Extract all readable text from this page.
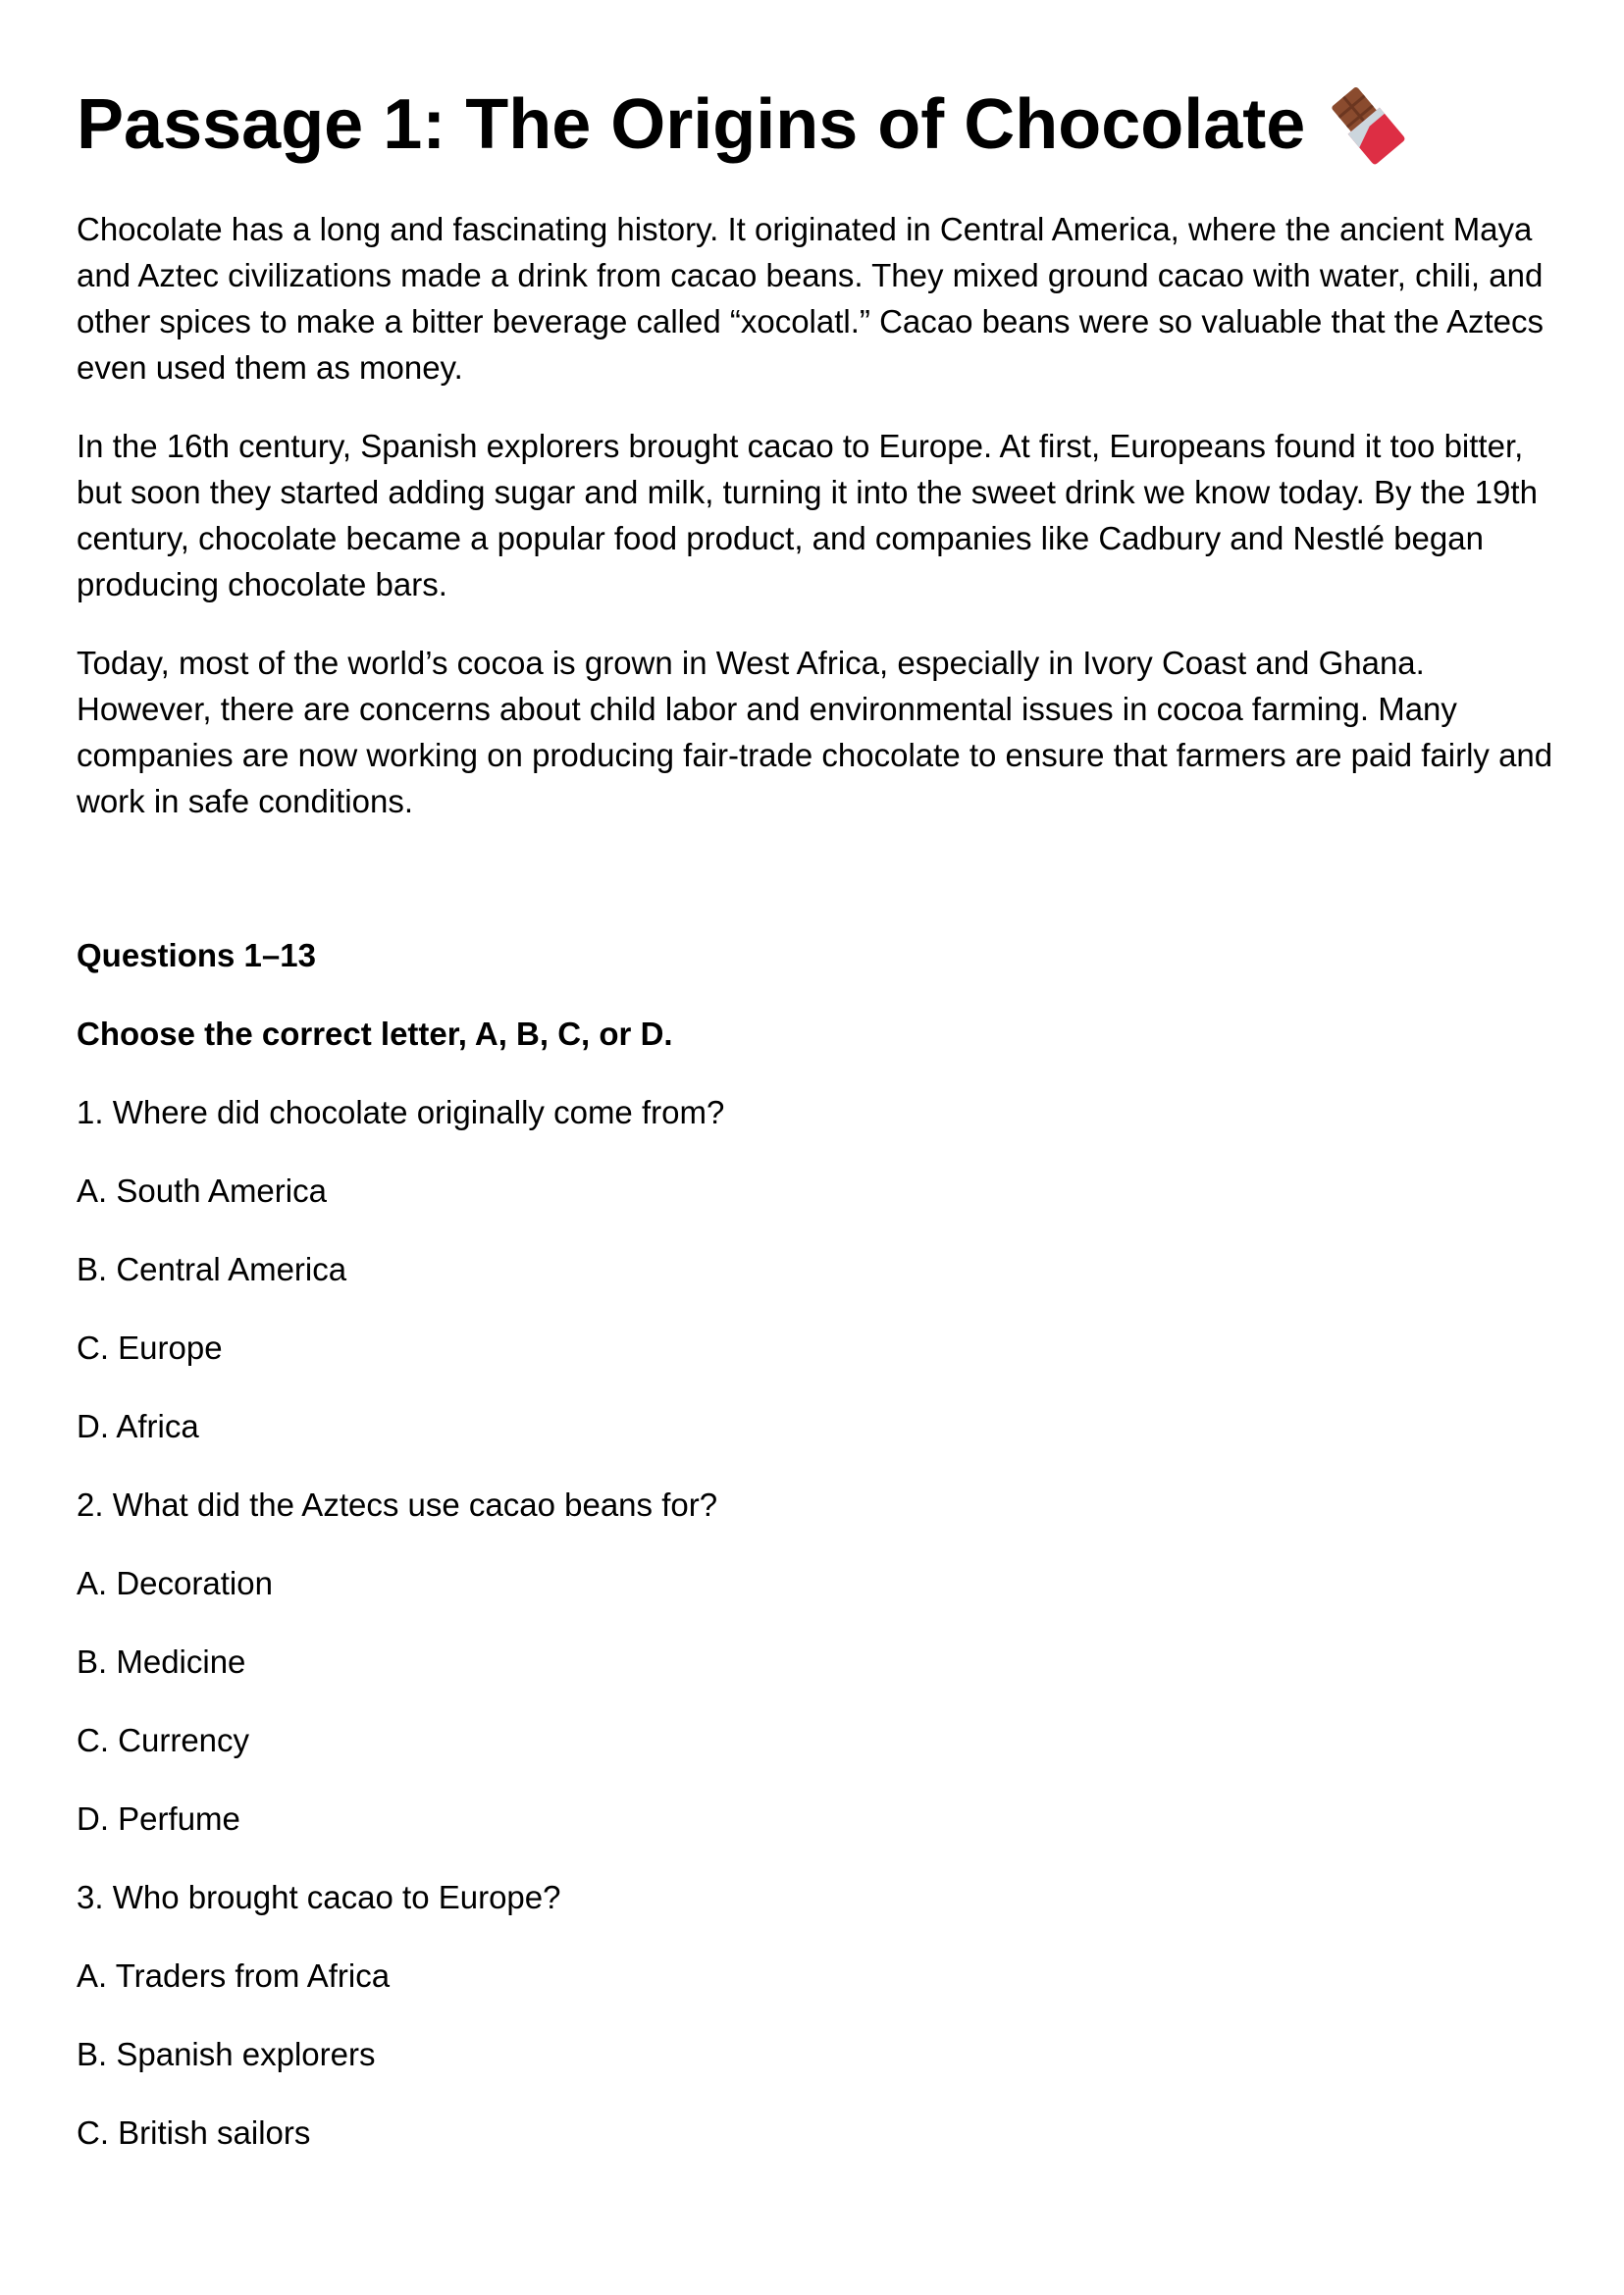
Passage 1: The Origins of Chocolate

Chocolate has a long and fascinating history. It originated in Central America, where the ancient Maya and Aztec civilizations made a drink from cacao beans. They mixed ground cacao with water, chili, and other spices to make a bitter beverage called “xocolatl.” Cacao beans were so valuable that the Aztecs even used them as money.

In the 16th century, Spanish explorers brought cacao to Europe. At first, Europeans found it too bitter, but soon they started adding sugar and milk, turning it into the sweet drink we know today. By the 19th century, chocolate became a popular food product, and companies like Cadbury and Nestlé began producing chocolate bars.

Today, most of the world’s cocoa is grown in West Africa, especially in Ivory Coast and Ghana. However, there are concerns about child labor and environmental issues in cocoa farming. Many companies are now working on producing fair-trade chocolate to ensure that farmers are paid fairly and work in safe conditions.

Questions 1–13

Choose the correct letter, A, B, C, or D.

1. Where did chocolate originally come from?

A. South America

B. Central America

C. Europe

D. Africa

2. What did the Aztecs use cacao beans for?

A. Decoration

B. Medicine

C. Currency

D. Perfume

3. Who brought cacao to Europe?

A. Traders from Africa

B. Spanish explorers

C. British sailors
